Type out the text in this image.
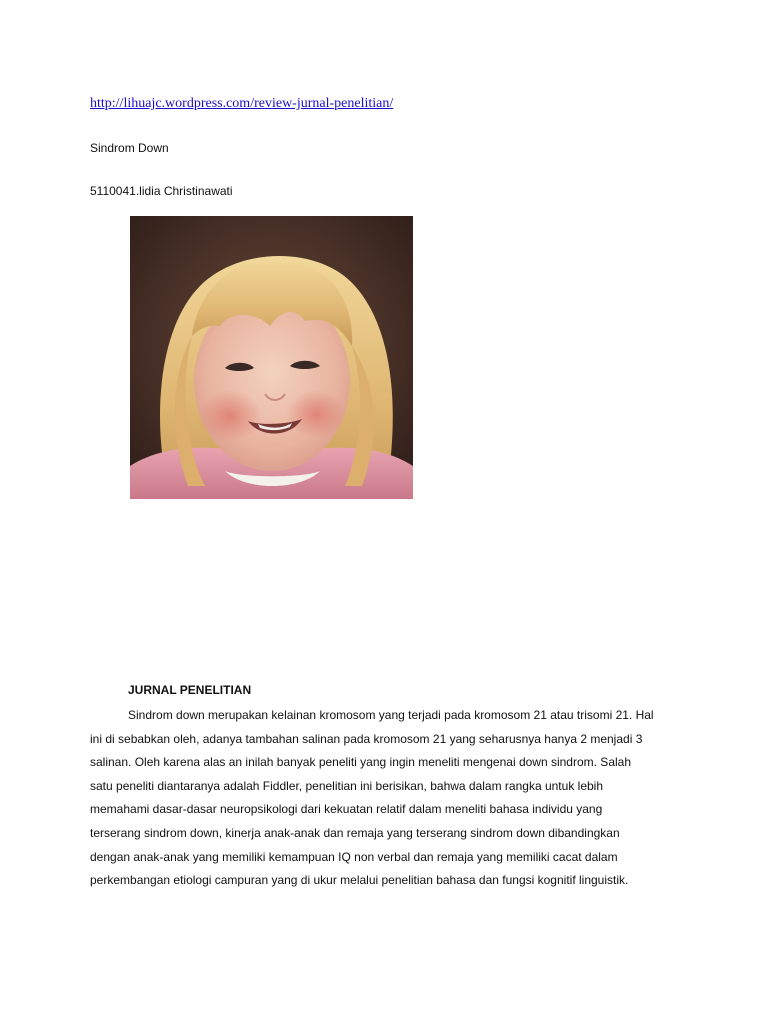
http://lihuajc.wordpress.com/review-jurnal-penelitian/
Sindrom Down
5110041.lidia Christinawati
JURNAL PENELITIAN
Sindrom down merupakan kelainan kromosom yang terjadi pada kromosom 21 atau trisomi 21. Hal
ini di sebabkan oleh, adanya tambahan salinan pada kromosom 21 yang seharusnya hanya 2 menjadi 3
salinan. Oleh karena alas an inilah banyak peneliti yang ingin meneliti mengenai down sindrom. Salah
satu peneliti diantaranya adalah Fiddler, penelitian ini berisikan, bahwa dalam rangka untuk lebih
memahami dasar-dasar neuropsikologi dari kekuatan relatif dalam meneliti bahasa individu yang
terserang sindrom down, kinerja anak-anak dan remaja yang terserang sindrom down dibandingkan
dengan anak-anak yang memiliki kemampuan IQ non verbal dan remaja yang memiliki cacat dalam
perkembangan etiologi campuran yang di ukur melalui penelitian bahasa dan fungsi kognitif linguistik.
